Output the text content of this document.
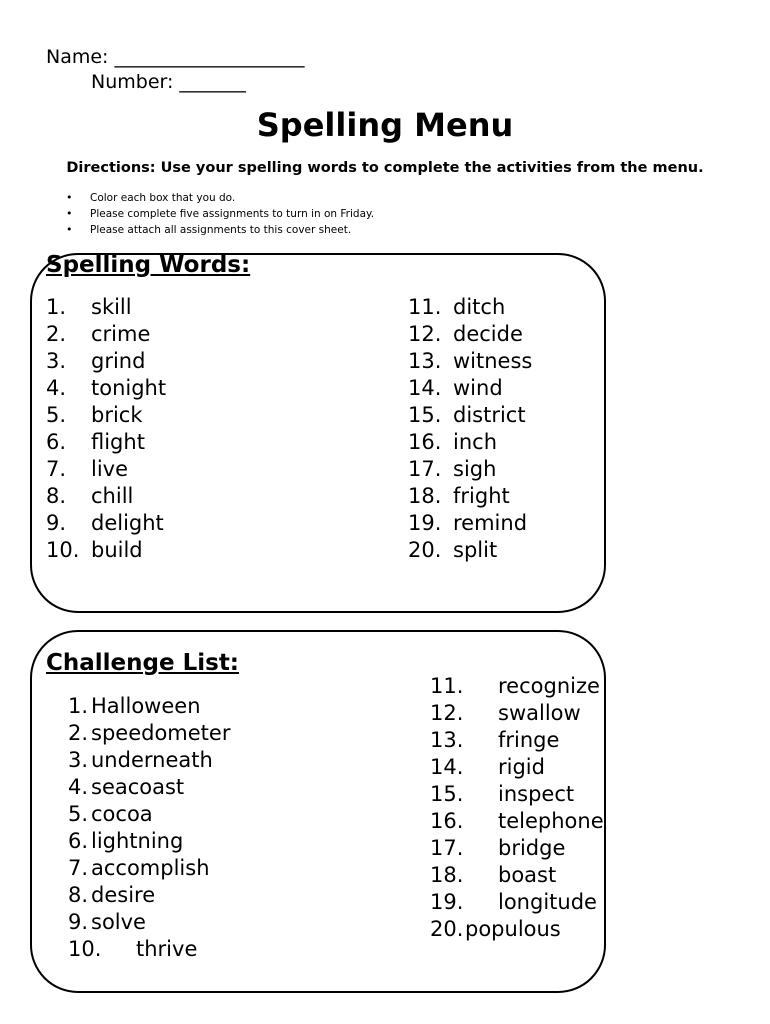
Name: ____________________
Number: _______
Spelling Menu
Directions: Use your spelling words to complete the activities from the menu.
• Color each box that you do.
• Please complete five assignments to turn in on Friday.
• Please attach all assignments to this cover sheet.
Spelling Words:
1. skill
2. crime
3. grind
4. tonight
5. brick
6. flight
7. live
8. chill
9. delight
10. build
11. ditch
12. decide
13. witness
14. wind
15. district
16. inch
17. sigh
18. fright
19. remind
20. split
Challenge List:
1. Halloween
2. speedometer
3. underneath
4. seacoast
5. cocoa
6. lightning
7. accomplish
8. desire
9. solve
10. thrive
11. recognize
12. swallow
13. fringe
14. rigid
15. inspect
16. telephone
17. bridge
18. boast
19. longitude
20. populous
